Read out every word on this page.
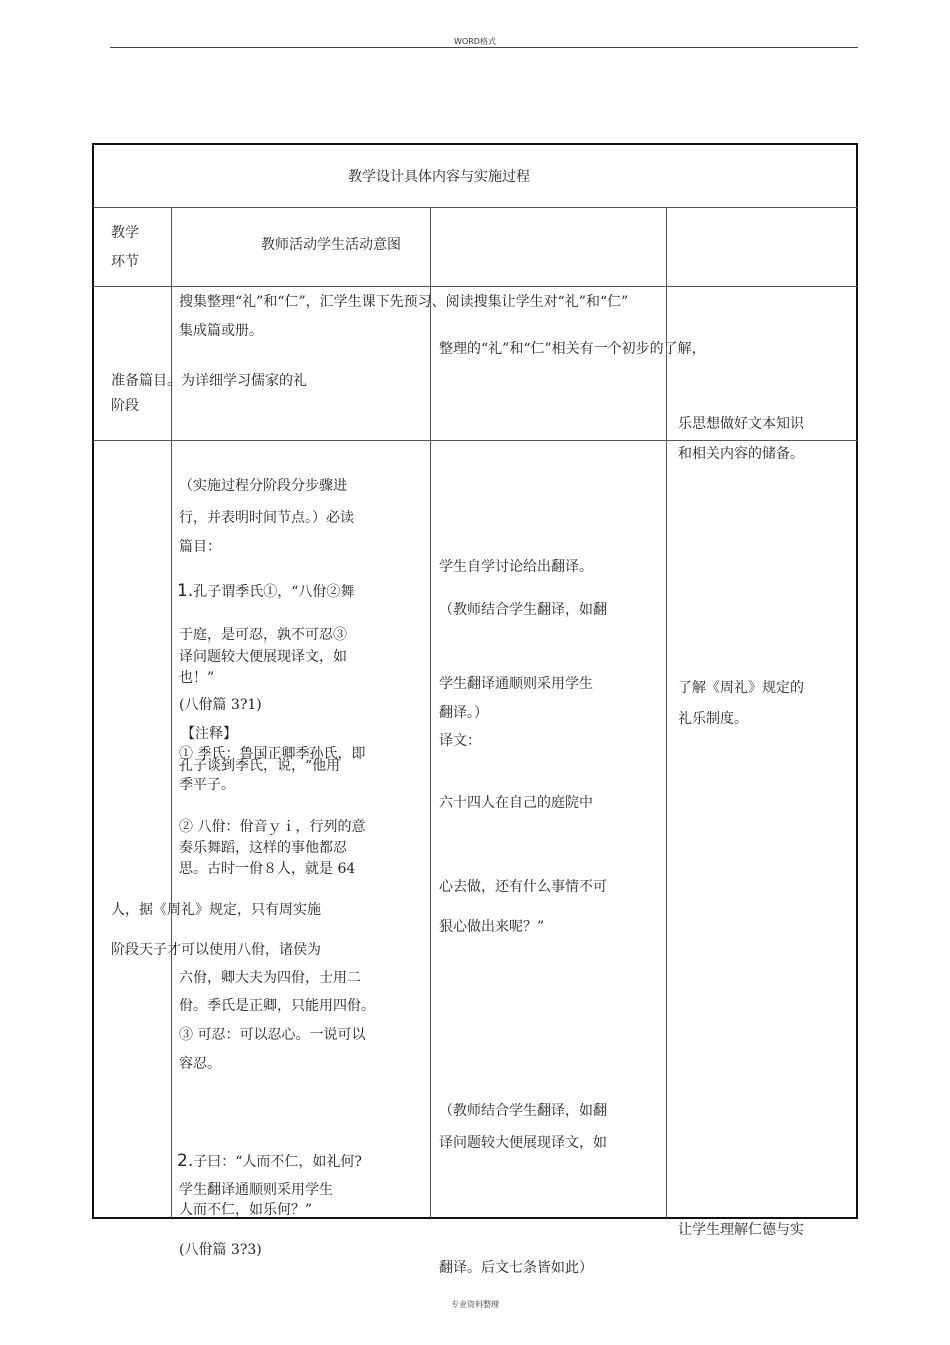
WORD格式
专业资料整理
教学设计具体内容与实施过程
教学
环节
教师活动学生活动意图
搜集整理“礼”和“仁”，汇学生课下先预习、阅读搜集让学生对“礼”和“仁”
集成篇或册。
整理的“礼”和“仁”相关有一个初步的了解，
准备篇目。为详细学习儒家的礼
阶段
乐思想做好文本知识
和相关内容的储备。
（实施过程分阶段分步骤进
行，并表明时间节点。）必读
篇目：
1.孔子谓季氏①，“八佾②舞
于庭，是可忍，孰不可忍③
译问题较大便展现译文，如
也！”
(八佾篇 3?1)
【注释】
① 季氏：鲁国正卿季孙氏，即
孔子谈到季氏，说，“他用
季平子。
② 八佾：佾音ｙｉ，行列的意
奏乐舞蹈，这样的事他都忍
思。古时一佾８人，就是 64
人，据《周礼》规定，只有周实施
阶段天子才可以使用八佾，诸侯为
六佾，卿大夫为四佾，士用二
佾。季氏是正卿，只能用四佾。
③ 可忍：可以忍心。一说可以
容忍。
2.子曰：“人而不仁，如礼何?
学生翻译通顺则采用学生
人而不仁，如乐何？”
(八佾篇 3?3)
学生自学讨论给出翻译。
（教师结合学生翻译，如翻
学生翻译通顺则采用学生
翻译。）
译文：
六十四人在自己的庭院中
心去做，还有什么事情不可
狠心做出来呢？”
（教师结合学生翻译，如翻
译问题较大便展现译文，如
翻译。后文七条皆如此）
了解《周礼》规定的
礼乐制度。
让学生理解仁德与实
